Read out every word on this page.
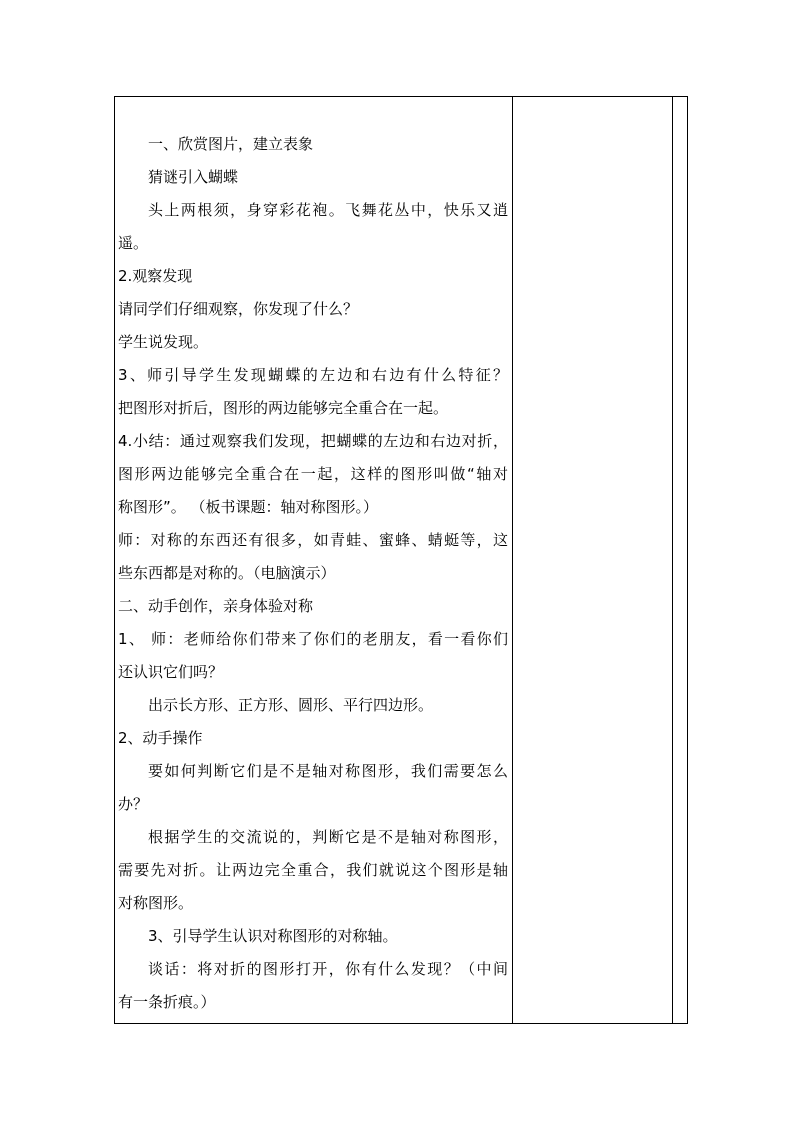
一、欣赏图片，建立表象
猜谜引入蝴蝶
头上两根须，身穿彩花袍。飞舞花丛中，快乐又逍
遥。
2.观察发现
请同学们仔细观察，你发现了什么？
学生说发现。
3、师引导学生发现蝴蝶的左边和右边有什么特征？
把图形对折后，图形的两边能够完全重合在一起。
4.小结：通过观察我们发现，把蝴蝶的左边和右边对折，
图形两边能够完全重合在一起，这样的图形叫做“轴对
称图形”。 （板书课题：轴对称图形。）
师：对称的东西还有很多，如青蛙、蜜蜂、蜻蜓等，这
些东西都是对称的。（电脑演示）
二、动手创作，亲身体验对称
1、 师：老师给你们带来了你们的老朋友，看一看你们
还认识它们吗？
出示长方形、正方形、圆形、平行四边形。
2、动手操作
要如何判断它们是不是轴对称图形，我们需要怎么
办？
根据学生的交流说的，判断它是不是轴对称图形，
需要先对折。让两边完全重合，我们就说这个图形是轴
对称图形。
3、引导学生认识对称图形的对称轴。
谈话：将对折的图形打开，你有什么发现？（中间
有一条折痕。）
